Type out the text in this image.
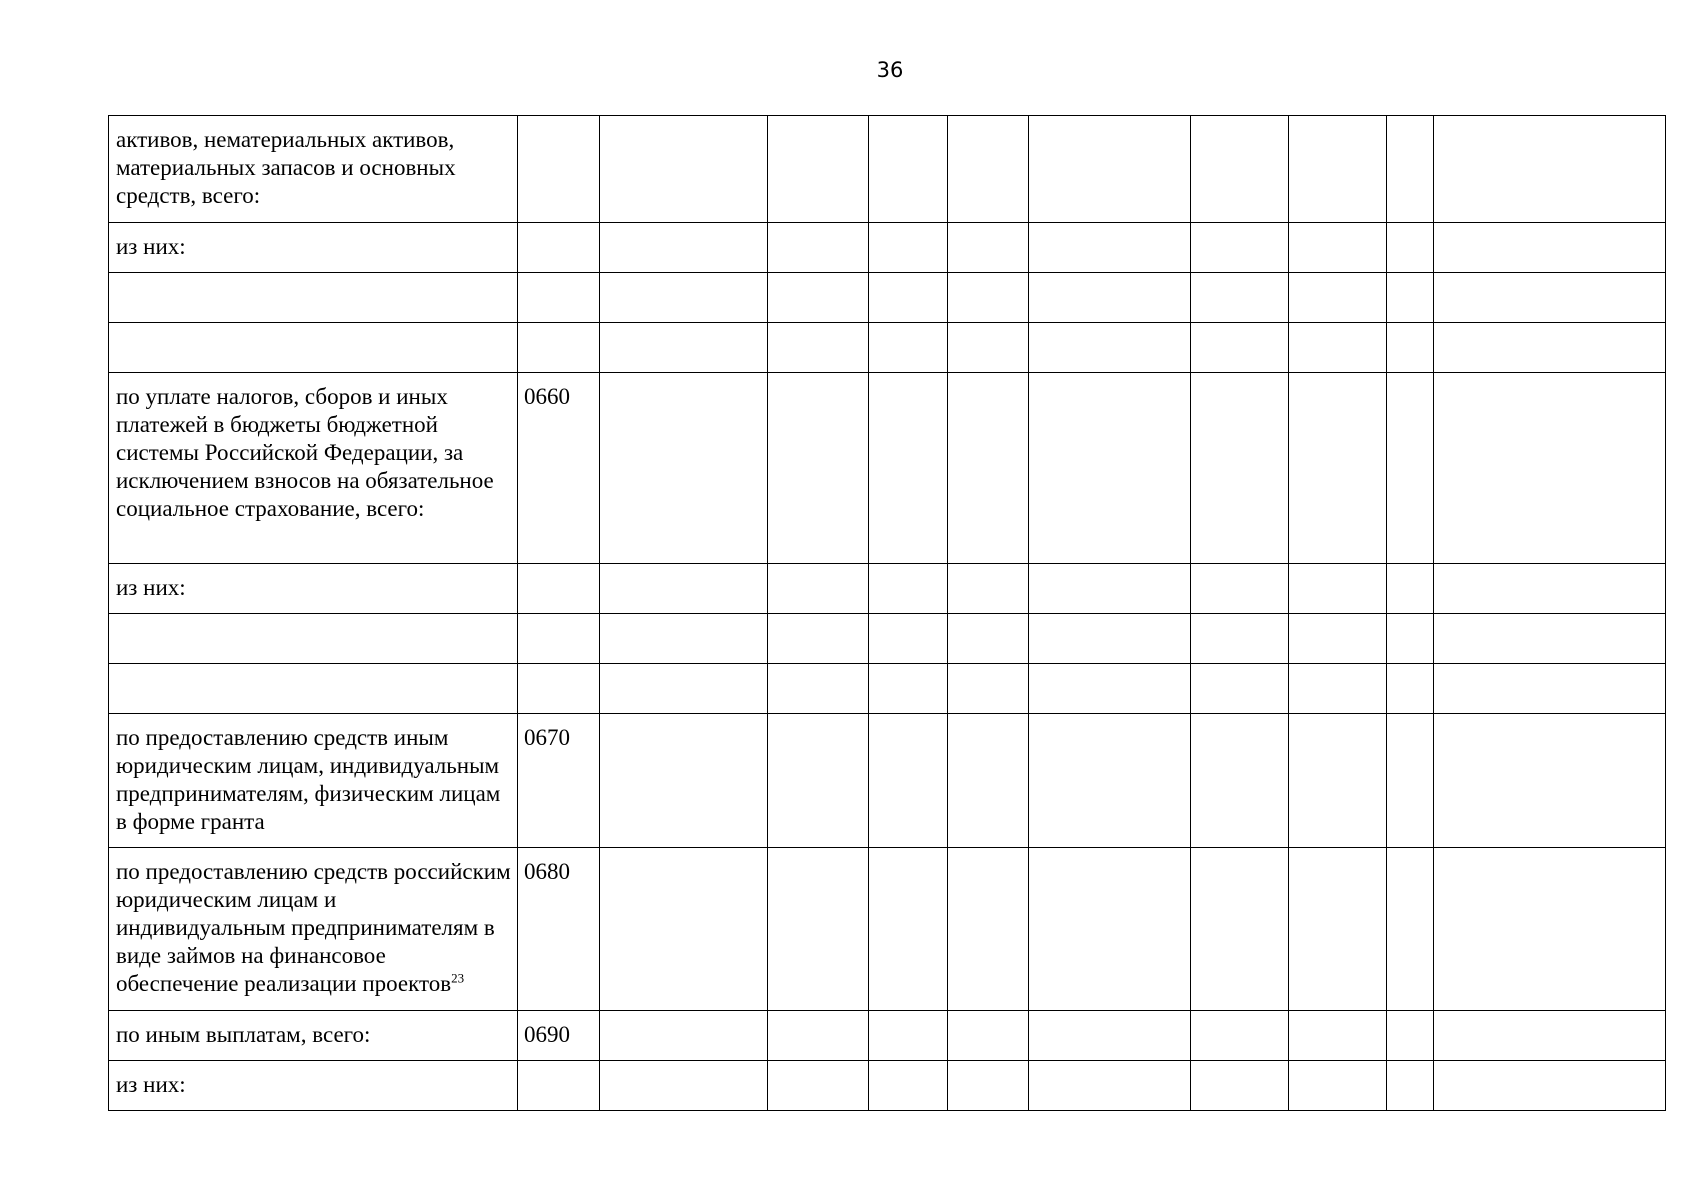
36
активов, нематериальных активов, материальных запасов и основных средств, всего:										
из них:										

по уплате налогов, сборов и иных платежей в бюджеты бюджетной системы Российской Федерации, за исключением взносов на обязательное социальное страхование, всего:	0660									
из них:										

по предоставлению средств иным юридическим лицам, индивидуальным предпринимателям, физическим лицам в форме гранта	0670									
по предоставлению средств российским юридическим лицам и индивидуальным предпринимателям в виде займов на финансовое обеспечение реализации проектов$^{23}$	0680									
по иным выплатам, всего:	0690									
из них:										
